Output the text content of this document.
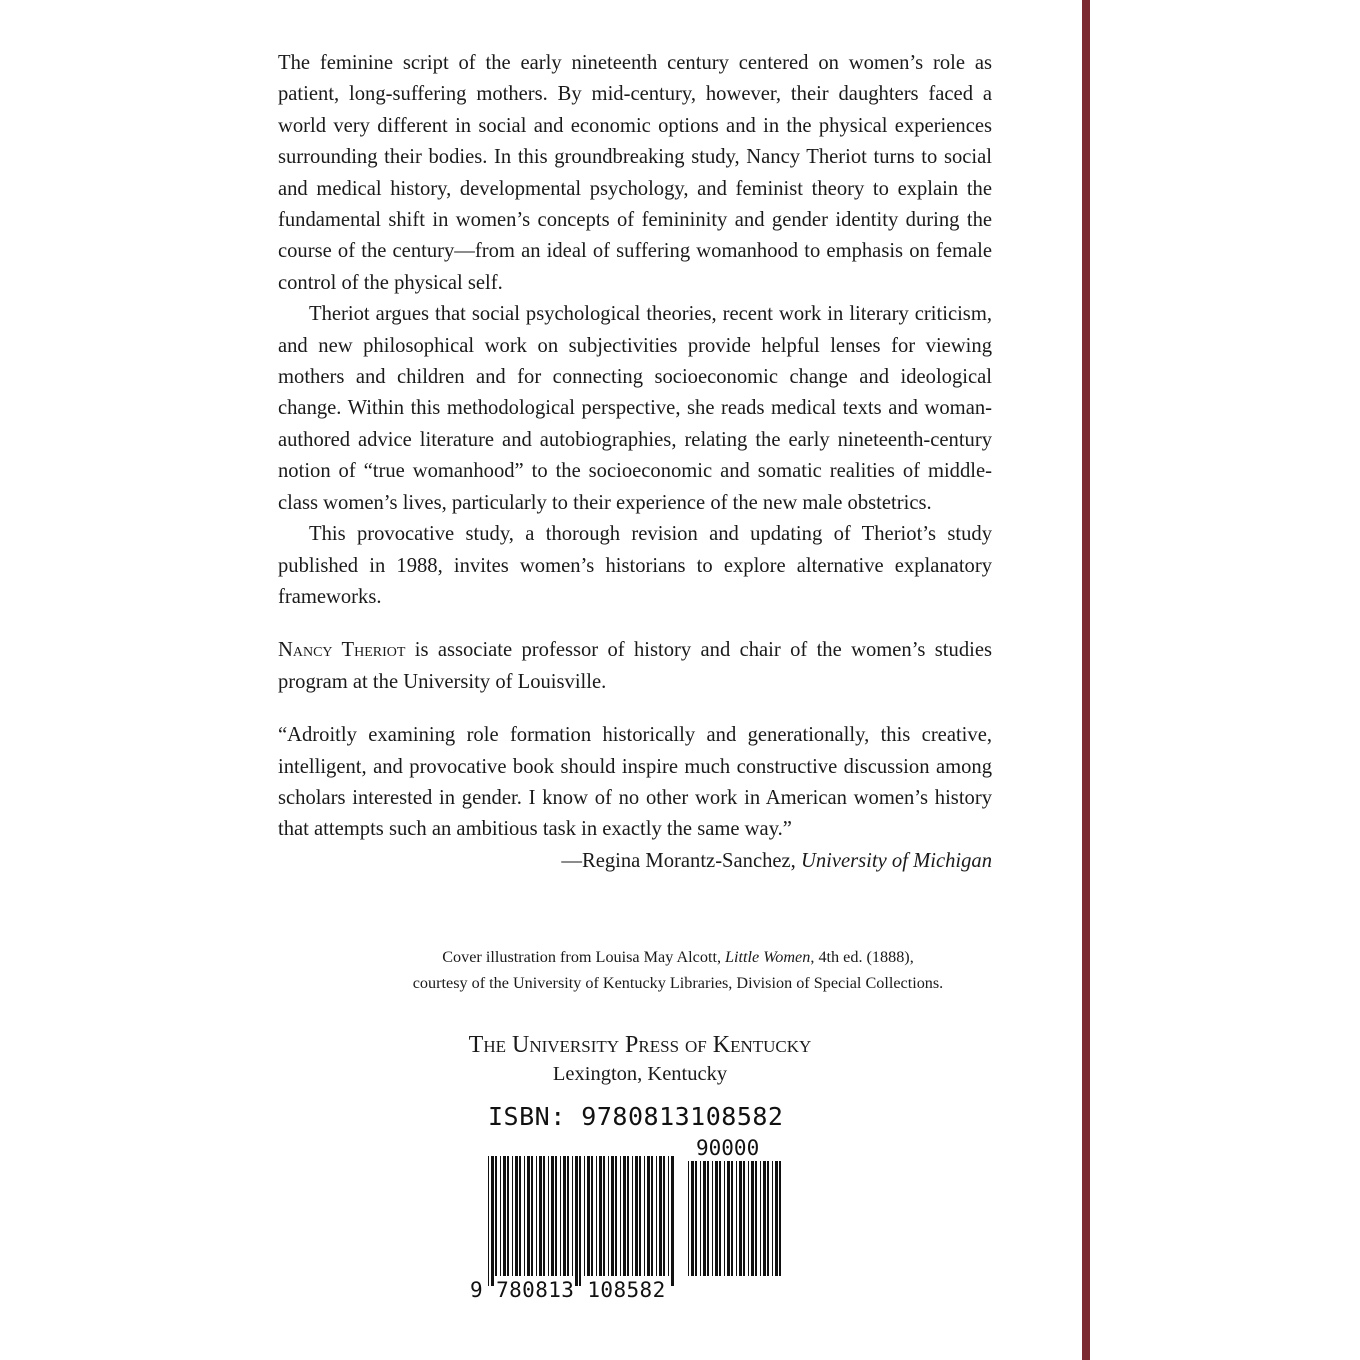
The feminine script of the early nineteenth century centered on women’s role as patient, long-suffering mothers. By mid-century, however, their daughters faced a world very different in social and economic options and in the physical experiences surrounding their bodies. In this groundbreaking study, Nancy Theriot turns to social and medical history, developmental psychology, and feminist theory to explain the fundamental shift in women’s concepts of femininity and gender identity during the course of the century—from an ideal of suffering womanhood to emphasis on female control of the physical self.

Theriot argues that social psychological theories, recent work in literary criticism, and new philosophical work on subjectivities provide helpful lenses for viewing mothers and children and for connecting socioeconomic change and ideological change. Within this methodological perspective, she reads medical texts and woman-authored advice literature and autobiographies, relating the early nineteenth-century notion of “true womanhood” to the socioeconomic and somatic realities of middle-class women’s lives, particularly to their experience of the new male obstetrics.

This provocative study, a thorough revision and updating of Theriot’s study published in 1988, invites women’s historians to explore alternative explanatory frameworks.

Nancy Theriot is associate professor of history and chair of the women’s studies program at the University of Louisville.

“Adroitly examining role formation historically and generationally, this creative, intelligent, and provocative book should inspire much constructive discussion among scholars interested in gender. I know of no other work in American women’s history that attempts such an ambitious task in exactly the same way.”

—Regina Morantz-Sanchez, University of Michigan

Cover illustration from Louisa May Alcott, Little Women, 4th ed. (1888),

courtesy of the University of Kentucky Libraries, Division of Special Collections.

The University Press of Kentucky

Lexington, Kentucky

ISBN: 9780813108582

90000

9 780813 108582
